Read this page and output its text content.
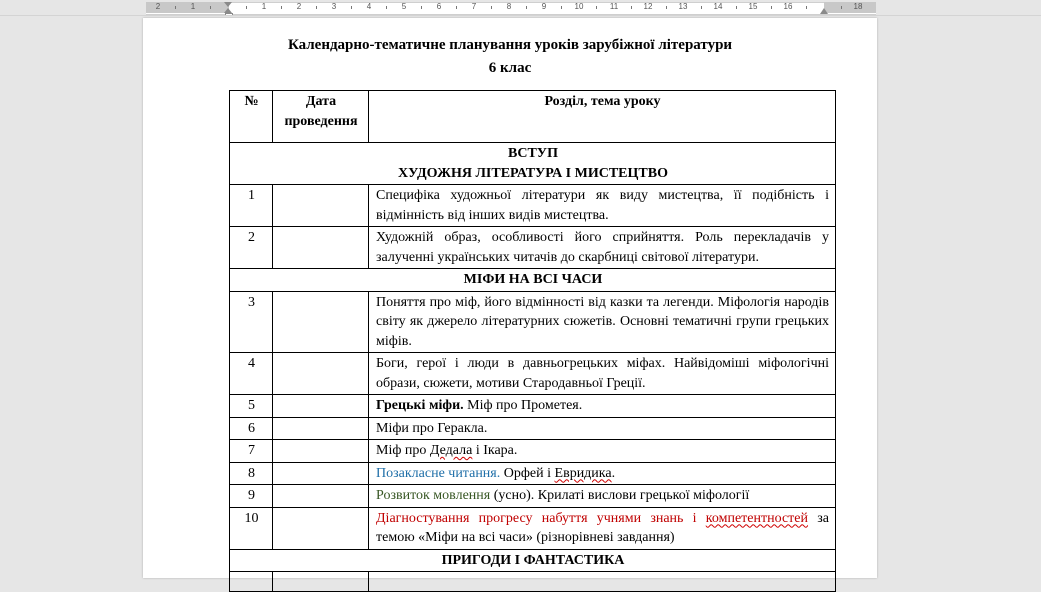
2	1	1	2	3	4	5	6	7	8	9	10	11	12	13	14	15	16	18
Календарно-тематичне планування уроків зарубіжної літератури
6 клас
№	Дата проведення	Розділ, тема уроку

ВСТУП
ХУДОЖНЯ ЛІТЕРАТУРА І МИСТЕЦТВО		

1		Специфіка художньої літератури як виду мистецтва, її подібність і відмінність від інших видів мистецтва.
2		Художній образ, особливості його сприйняття. Роль перекладачів у залученні українських читачів до скарбниці світової літератури.
МІФИ НА ВСІ ЧАСИ		
3		Поняття про міф, його відмінності від казки та легенди. Міфологія народів світу як джерело літературних сюжетів. Основні тематичні групи грецьких міфів.
4		Боги, герої і люди в давньогрецьких міфах. Найвідоміші міфологічні образи, сюжети, мотиви Стародавньої Греції.
5		Грецькі міфи. Міф про Прометея.
6		Міфи про Геракла.
7		Міф про Дедала і Ікара.
8		Позакласне читання. Орфей і Евридика.
9		Розвиток мовлення (усно). Крилаті вислови грецької міфології
10		Діагностування прогресу набуття учнями знань і компетентностей за темою «Міфи на всі часи» (різнорівневі завдання)
ПРИГОДИ І ФАНТАСТИКА		
